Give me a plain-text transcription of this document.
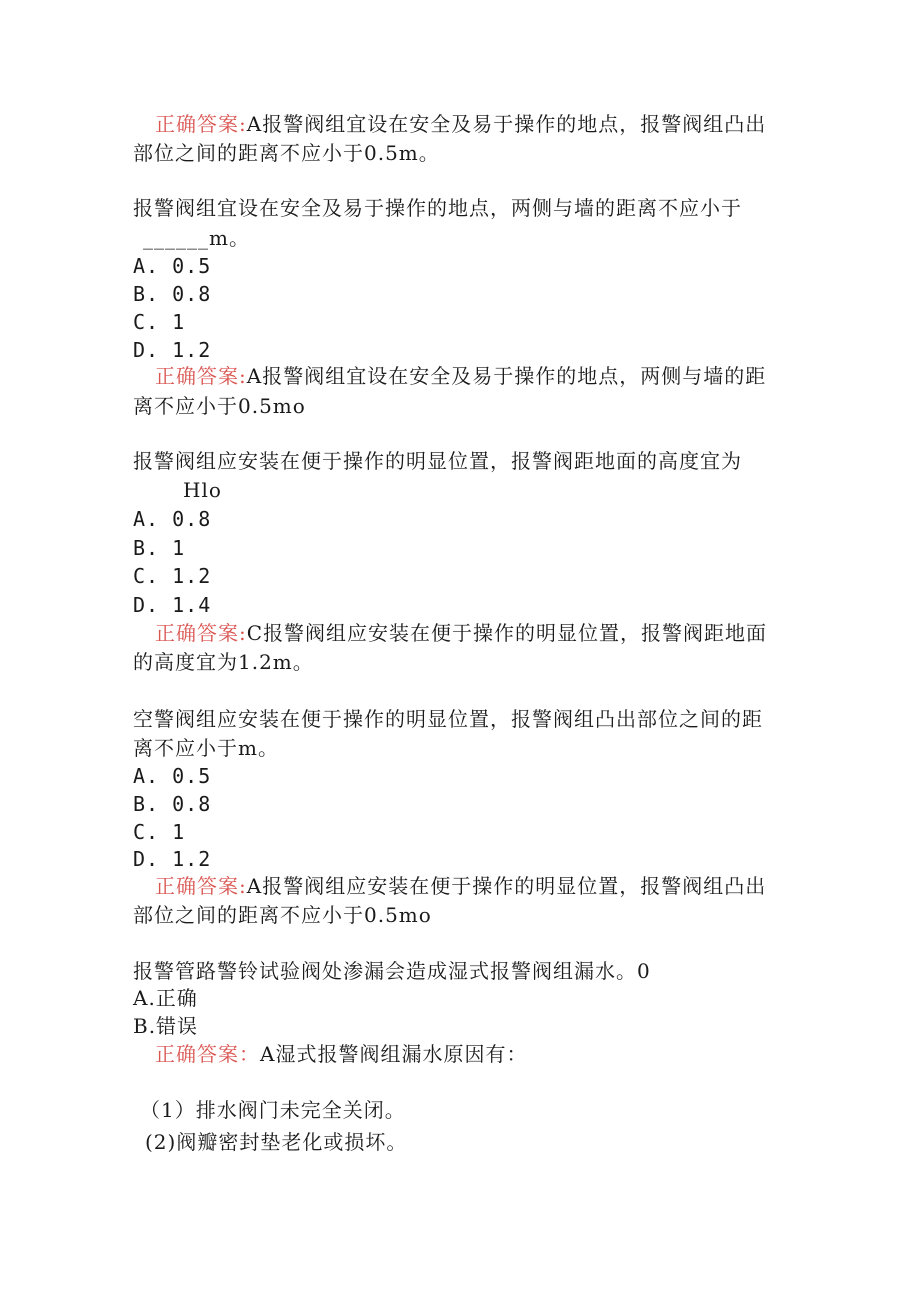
正确答案:A报警阀组宜设在安全及易于操作的地点，报警阀组凸出
部位之间的距离不应小于0.5m。
报警阀组宜设在安全及易于操作的地点，两侧与墙的距离不应小于
______m。
A. 0.5
B. 0.8
C. 1
D. 1.2
正确答案:A报警阀组宜设在安全及易于操作的地点，两侧与墙的距
离不应小于0.5mo
报警阀组应安装在便于操作的明显位置，报警阀距地面的高度宜为
Hlo
A. 0.8
B. 1
C. 1.2
D. 1.4
正确答案:C报警阀组应安装在便于操作的明显位置，报警阀距地面
的高度宜为1.2m。
空警阀组应安装在便于操作的明显位置，报警阀组凸出部位之间的距
离不应小于m。
A. 0.5
B. 0.8
C. 1
D. 1.2
正确答案:A报警阀组应安装在便于操作的明显位置，报警阀组凸出
部位之间的距离不应小于0.5mo
报警管路警铃试验阀处渗漏会造成湿式报警阀组漏水。0
A.正确
B.错误
正确答案：A湿式报警阀组漏水原因有：
（1）排水阀门未完全关闭。
(2)阀瓣密封垫老化或损坏。
